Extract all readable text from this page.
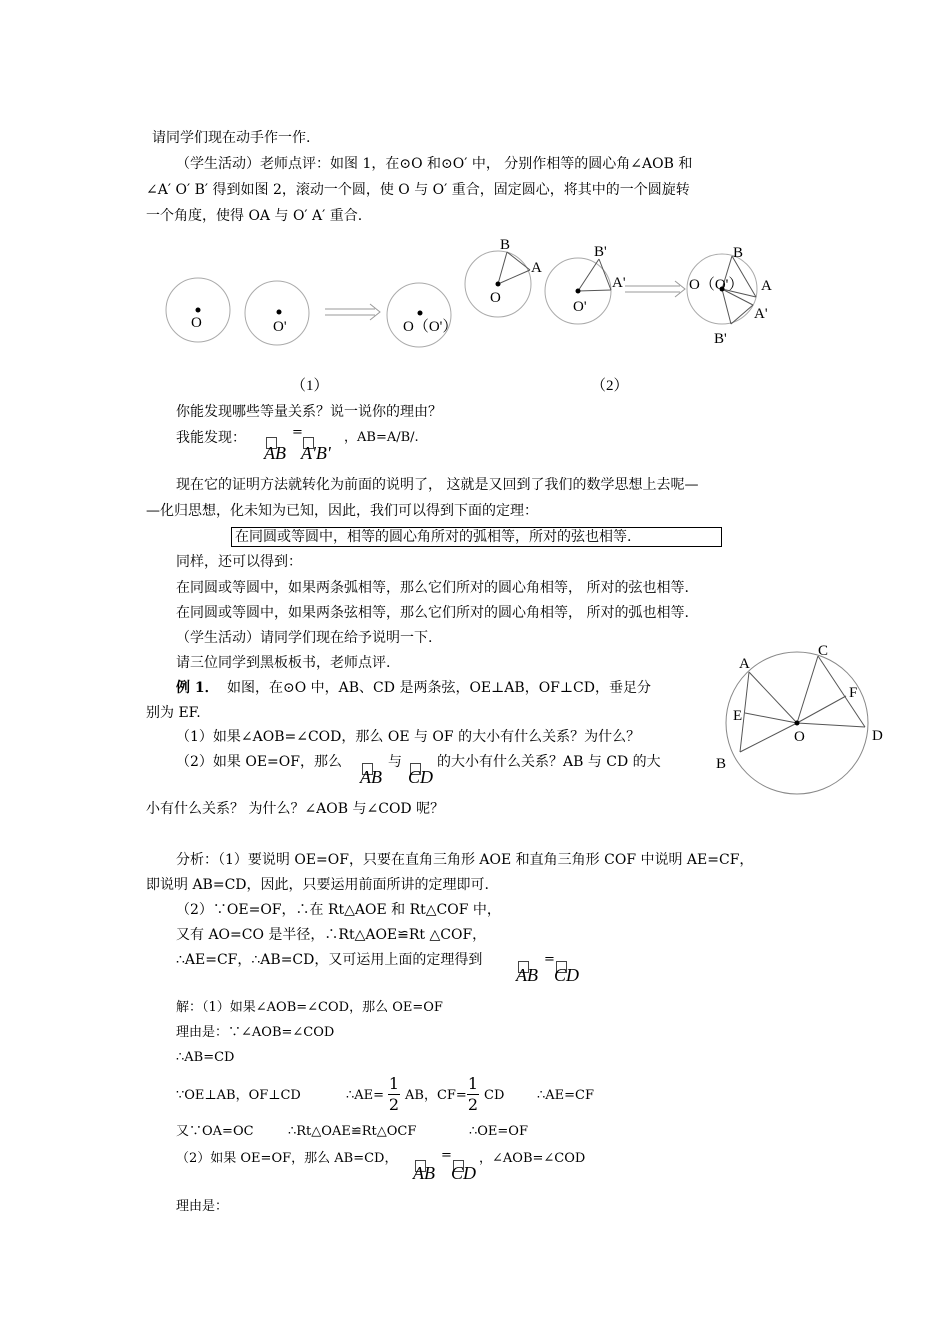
请同学们现在动手作一作.
（学生活动）老师点评：如图 1，在⊙O 和⊙O′ 中， 分别作相等的圆心角∠AOB 和
∠A′ O′ B′ 得到如图 2，滚动一个圆，使 O 与 O′ 重合，固定圆心，将其中的一个圆旋转
一个角度，使得 OA 与 O′ A′ 重合.
O	O'	O（O'）
B
A
O
B'
A'
O'
O（O'）
B
A
A'
B'
（1）	（2）
A
C
F
E
O	D
B
你能发现哪些等量关系？说一说你的理由？
我能发现：
AB
=
A'B'
，AB=A/B/.
现在它的证明方法就转化为前面的说明了， 这就是又回到了我们的数学思想上去呢—
—化归思想，化未知为已知，因此，我们可以得到下面的定理：
在同圆或等圆中，相等的圆心角所对的弧相等，所对的弦也相等.
同样，还可以得到：
在同圆或等圆中，如果两条弧相等，那么它们所对的圆心角相等， 所对的弦也相等.
在同圆或等圆中，如果两条弦相等，那么它们所对的圆心角相等， 所对的弧也相等.
（学生活动）请同学们现在给予说明一下.
请三位同学到黑板板书，老师点评.
例 1． 如图，在⊙O 中，AB、CD 是两条弦，OE⊥AB，OF⊥CD，垂足分
别为 EF.
（1）如果∠AOB=∠COD，那么 OE 与 OF 的大小有什么关系？为什么？
（2）如果 OE=OF，那么
AB
与
CD
的大小有什么关系？AB 与 CD 的大
小有什么关系？ 为什么？∠AOB 与∠COD 呢？
分析：（1）要说明 OE=OF，只要在直角三角形 AOE 和直角三角形 COF 中说明 AE=CF，
即说明 AB=CD，因此，只要运用前面所讲的定理即可.
（2）∵OE=OF，∴在 Rt△AOE 和 Rt△COF 中，
又有 AO=CO 是半径，∴Rt△AOE≌Rt △COF，
∴AE=CF，∴AB=CD，又可运用上面的定理得到
AB
=
CD
解：（1）如果∠AOB=∠COD，那么 OE=OF
理由是：∵∠AOB=∠COD
∴AB=CD
∵OE⊥AB，OF⊥CD	∴AE=
1
2 AB，CF=
1
2 CD	∴AE=CF
又∵OA=OC	∴Rt△OAE≌Rt△OCF	∴OE=OF
（2）如果 OE=OF，那么 AB=CD，
AB
=
CD
，∠AOB=∠COD
理由是：
